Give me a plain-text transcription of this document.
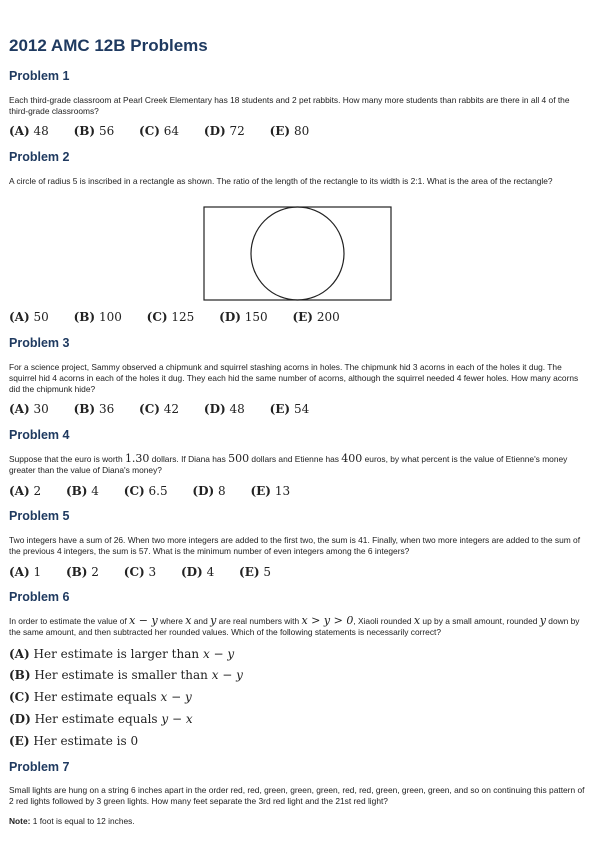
2012 AMC 12B Problems
Problem 1

Each third-grade classroom at Pearl Creek Elementary has 18 students and 2 pet rabbits. How many more students than rabbits are there in all 4 of the third-grade classrooms?

(A) 48 (B) 56 (C) 64 (D) 72 (E) 80
Problem 2

A circle of radius 5 is inscribed in a rectangle as shown. The ratio of the length of the rectangle to its width is 2:1. What is the area of the rectangle?

(A) 50 (B) 100 (C) 125 (D) 150 (E) 200
Problem 3

For a science project, Sammy observed a chipmunk and squirrel stashing acorns in holes. The chipmunk hid 3 acorns in each of the holes it dug. The squirrel hid 4 acorns in each of the holes it dug. They each hid the same number of acorns, although the squirrel needed 4 fewer holes. How many acorns did the chipmunk hide?

(A) 30 (B) 36 (C) 42 (D) 48 (E) 54
Problem 4

Suppose that the euro is worth 1.30 dollars. If Diana has 500 dollars and Etienne has 400 euros, by what percent is the value of Etienne's money greater than the value of Diana's money?

(A) 2 (B) 4 (C) 6.5 (D) 8 (E) 13
Problem 5

Two integers have a sum of 26. When two more integers are added to the first two, the sum is 41. Finally, when two more integers are added to the sum of the previous 4 integers, the sum is 57. What is the minimum number of even integers among the 6 integers?

(A) 1 (B) 2 (C) 3 (D) 4 (E) 5
Problem 6

In order to estimate the value of x − y where x and y are real numbers with x > y > 0, Xiaoli rounded x up by a small amount, rounded y down by the same amount, and then subtracted her rounded values. Which of the following statements is necessarily correct?

(A) Her estimate is larger than x − y
(B) Her estimate is smaller than x − y
(C) Her estimate equals x − y
(D) Her estimate equals y − x
(E) Her estimate is 0
Problem 7

Small lights are hung on a string 6 inches apart in the order red, red, green, green, green, red, red, green, green, green, and so on continuing this pattern of 2 red lights followed by 3 green lights. How many feet separate the 3rd red light and the 21st red light?

Note: 1 foot is equal to 12 inches.
